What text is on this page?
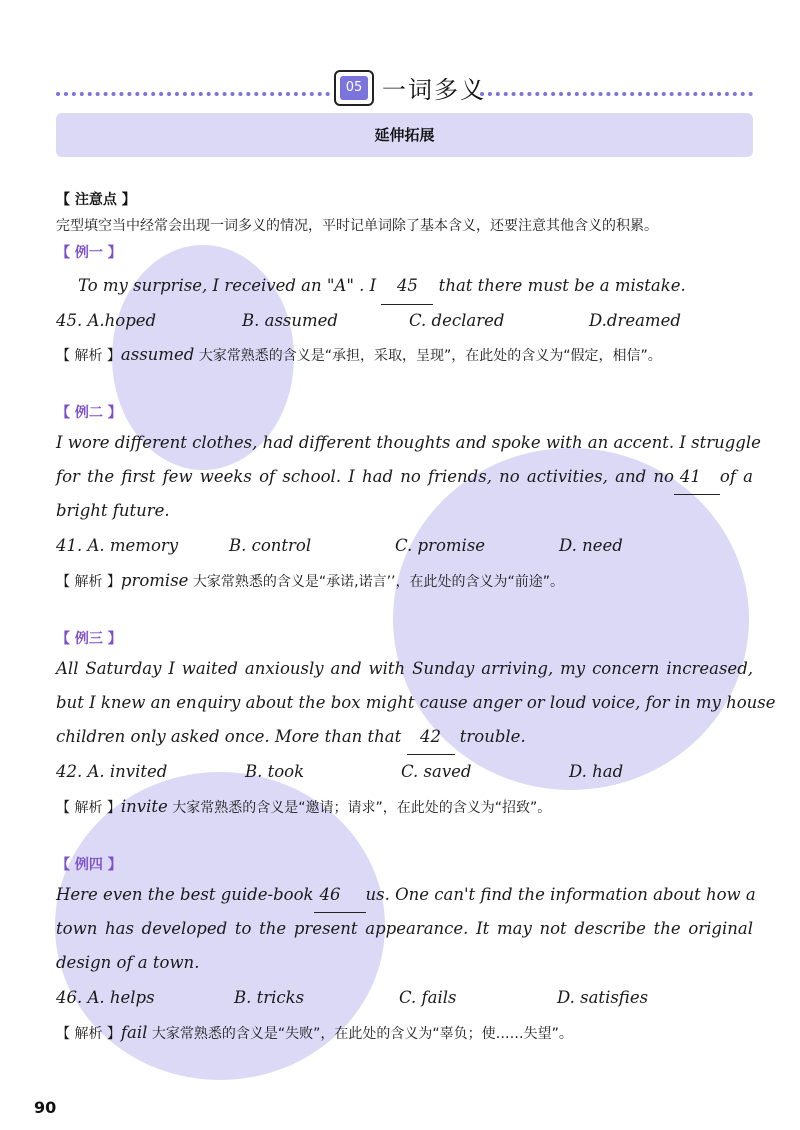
05 一词多义
延伸拓展
【 注意点 】
完型填空当中经常会出现一词多义的情况，平时记单词除了基本含义，还要注意其他含义的积累。
【 例一 】
To my surprise, I received an "A" . I 45 that there must be a mistake.
45. A.hoped	B. assumed	C. declared	D.dreamed
【 解析 】assumed 大家常熟悉的含义是“承担，采取，呈现”，在此处的含义为“假定，相信”。
【 例二 】
I wore different clothes, had different thoughts and spoke with an accent. I struggle
for the first few weeks of school. I had no friends, no activities, and no 41 of a
bright future.
41. A. memory	B. control	C. promise	D. need
【 解析 】promise 大家常熟悉的含义是“承诺,诺言’’，在此处的含义为“前途”。
【 例三 】
All Saturday I waited anxiously and with Sunday arriving, my concern increased,
but I knew an enquiry about the box might cause anger or loud voice, for in my house
children only asked once. More than that 42 trouble.
42. A. invited	B. took	C. saved	D. had
【 解析 】invite 大家常熟悉的含义是“邀请；请求”，在此处的含义为“招致”。
【 例四 】
Here even the best guide-book 46 us. One can't find the information about how a
town has developed to the present appearance. It may not describe the original
design of a town.
46. A. helps	B. tricks	C. fails	D. satisfies
【 解析 】fail 大家常熟悉的含义是“失败”，在此处的含义为“辜负；使……失望”。
90
